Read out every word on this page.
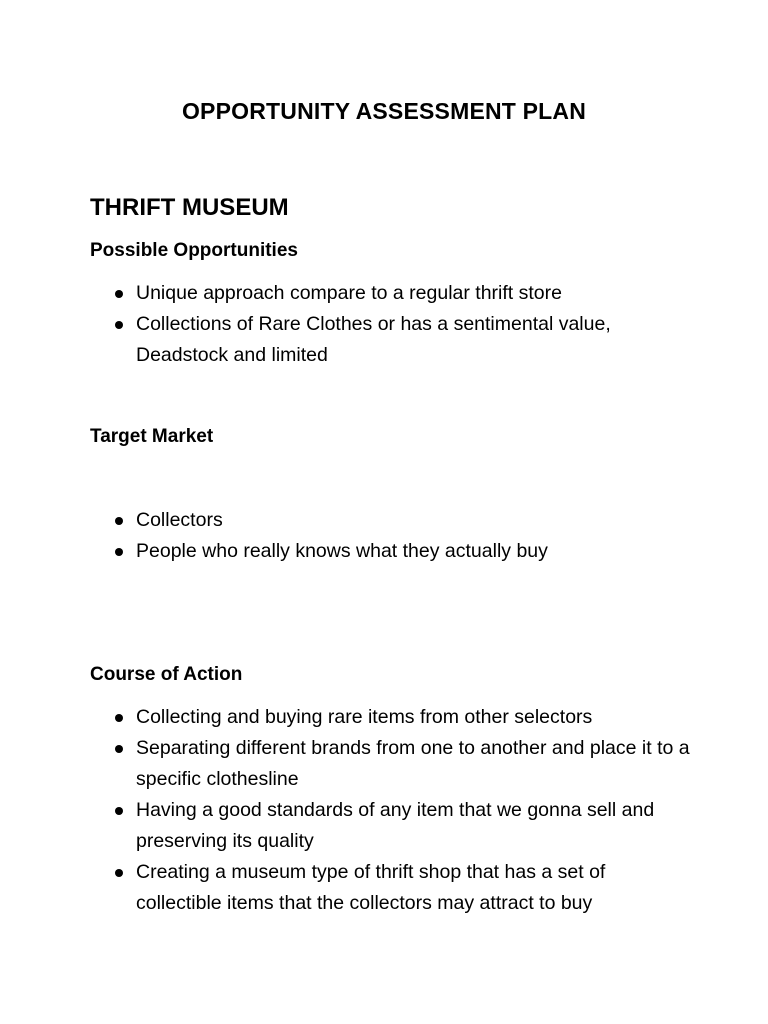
OPPORTUNITY ASSESSMENT PLAN
THRIFT MUSEUM
Possible Opportunities
Unique approach compare to a regular thrift store
Collections of Rare Clothes or has a sentimental value, Deadstock and limited
Target Market
Collectors
People who really knows what they actually buy
Course of Action
Collecting and buying rare items from other selectors
Separating different brands from one to another and place it to a specific clothesline
Having a good standards of any item that we gonna sell and preserving its quality
Creating a museum type of thrift shop that has a set of collectible items that the collectors may attract to buy
